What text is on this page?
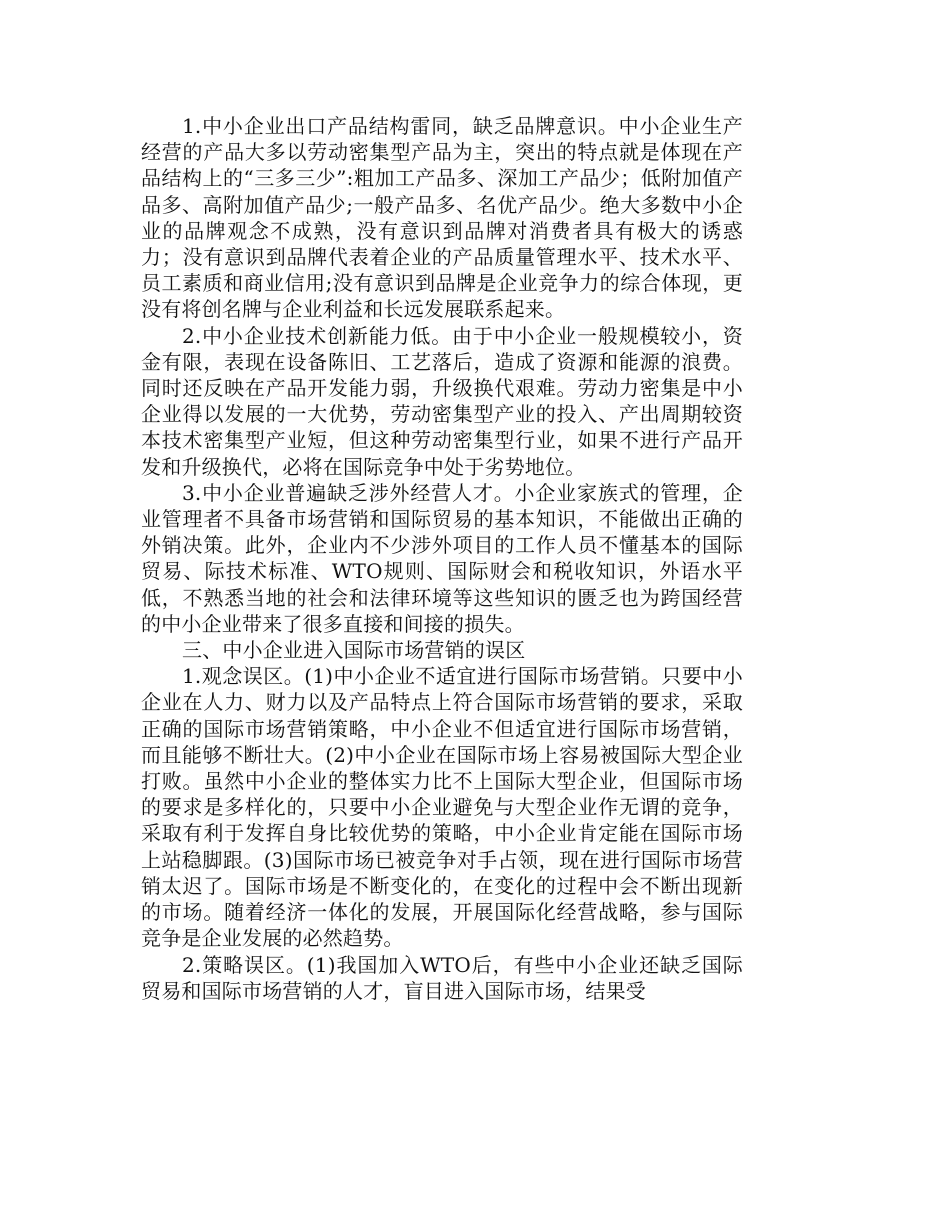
1.中小企业出口产品结构雷同，缺乏品牌意识。中小企业生产经营的产品大多以劳动密集型产品为主，突出的特点就是体现在产品结构上的“三多三少”:粗加工产品多、深加工产品少；低附加值产品多、高附加值产品少;一般产品多、名优产品少。绝大多数中小企业的品牌观念不成熟，没有意识到品牌对消费者具有极大的诱惑力；没有意识到品牌代表着企业的产品质量管理水平、技术水平、员工素质和商业信用;没有意识到品牌是企业竞争力的综合体现，更没有将创名牌与企业利益和长远发展联系起来。

2.中小企业技术创新能力低。由于中小企业一般规模较小，资金有限，表现在设备陈旧、工艺落后，造成了资源和能源的浪费。同时还反映在产品开发能力弱，升级换代艰难。劳动力密集是中小企业得以发展的一大优势，劳动密集型产业的投入、产出周期较资本技术密集型产业短，但这种劳动密集型行业，如果不进行产品开发和升级换代，必将在国际竞争中处于劣势地位。

3.中小企业普遍缺乏涉外经营人才。小企业家族式的管理，企业管理者不具备市场营销和国际贸易的基本知识，不能做出正确的外销决策。此外，企业内不少涉外项目的工作人员不懂基本的国际贸易、际技术标准、WTO规则、国际财会和税收知识，外语水平低，不熟悉当地的社会和法律环境等这些知识的匮乏也为跨国经营的中小企业带来了很多直接和间接的损失。

三、中小企业进入国际市场营销的误区

1.观念误区。(1)中小企业不适宜进行国际市场营销。只要中小企业在人力、财力以及产品特点上符合国际市场营销的要求，采取正确的国际市场营销策略，中小企业不但适宜进行国际市场营销，而且能够不断壮大。(2)中小企业在国际市场上容易被国际大型企业打败。虽然中小企业的整体实力比不上国际大型企业，但国际市场的要求是多样化的，只要中小企业避免与大型企业作无谓的竞争，采取有利于发挥自身比较优势的策略，中小企业肯定能在国际市场上站稳脚跟。(3)国际市场已被竞争对手占领，现在进行国际市场营销太迟了。国际市场是不断变化的，在变化的过程中会不断出现新的市场。随着经济一体化的发展，开展国际化经营战略，参与国际竞争是企业发展的必然趋势。

2.策略误区。(1)我国加入WTO后，有些中小企业还缺乏国际贸易和国际市场营销的人才，盲目进入国际市场，结果受
